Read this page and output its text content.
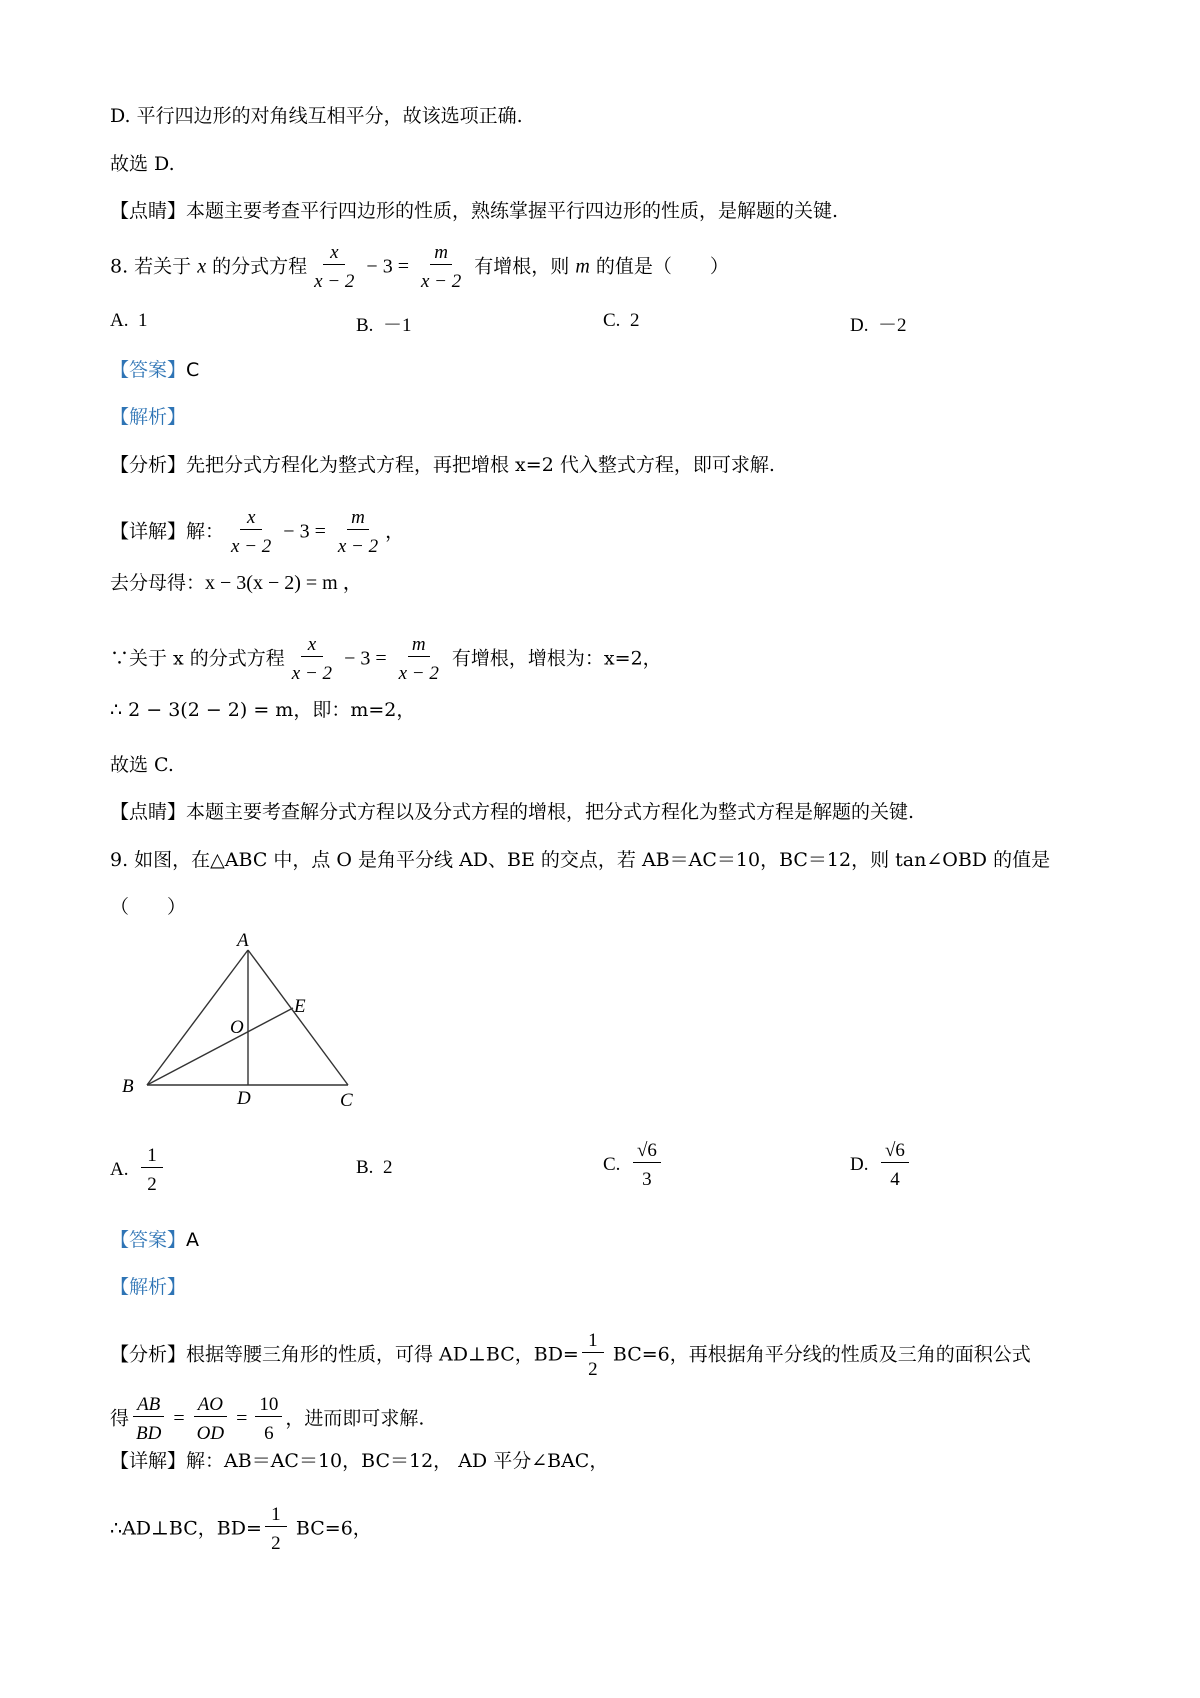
D. 平行四边形的对角线互相平分，故该选项正确.
故选 D.
【点睛】本题主要考查平行四边形的性质，熟练掌握平行四边形的性质，是解题的关键.
8. 若关于 x 的分式方程 $\frac{x}{x - 2} - 3 = \frac{m}{x - 2}$ 有增根，则 m 的值是（　　）
A. 1	B. －1	C. 2	D. －2
【答案】C
【解析】
【分析】先把分式方程化为整式方程，再把增根 x=2 代入整式方程，即可求解.
【详解】解： $\frac{x}{x - 2} - 3 = \frac{m}{x - 2}$ ，
去分母得：x − 3(x − 2) = m ，
∵关于 x 的分式方程 $\frac{x}{x - 2} - 3 = \frac{m}{x - 2}$ 有增根，增根为：x=2，
∴ 2 − 3(2 − 2) = m，即：m=2，
故选 C.
【点睛】本题主要考查解分式方程以及分式方程的增根，把分式方程化为整式方程是解题的关键.
9. 如图，在△ABC 中，点 O 是角平分线 AD、BE 的交点，若 AB＝AC＝10，BC＝12，则 tan∠OBD 的值是
（　　）
A
B
C
D
E
O
A. $\frac{1}{2}$	B. 2	C. $\frac{√6}{3}$	D. $\frac{√6}{4}$
【答案】A
【解析】
【分析】根据等腰三角形的性质，可得 AD⊥BC，$BD= \frac{1}{2} BC=6$，再根据角平分线的性质及三角的面积公式
得 $\frac{AB}{BD} = \frac{AO}{OD} = \frac{10}{6}$ ，进而即可求解.
【详解】解：AB＝AC＝10，BC＝12， AD 平分∠BAC，
∴AD⊥BC，$BD= \frac{1}{2} BC=6$，
